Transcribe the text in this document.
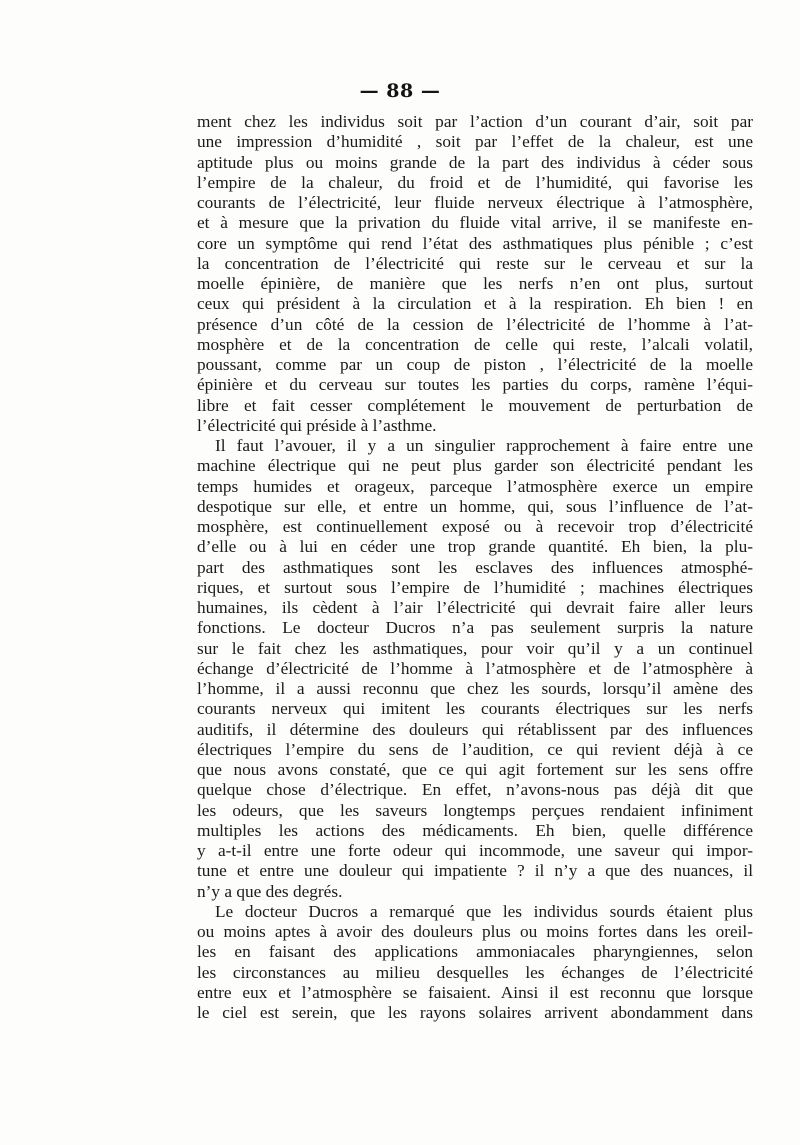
— 88 —
ment chez les individus soit par l’action d’un courant d’air, soit par
une impression d’humidité , soit par l’effet de la chaleur, est une
aptitude plus ou moins grande de la part des individus à céder sous
l’empire de la chaleur, du froid et de l’humidité, qui favorise les
courants de l’électricité, leur fluide nerveux électrique à l’atmosphère,
et à mesure que la privation du fluide vital arrive, il se manifeste en-
core un symptôme qui rend l’état des asthmatiques plus pénible ; c’est
la concentration de l’électricité qui reste sur le cerveau et sur la
moelle épinière, de manière que les nerfs n’en ont plus, surtout
ceux qui président à la circulation et à la respiration. Eh bien ! en
présence d’un côté de la cession de l’électricité de l’homme à l’at-
mosphère et de la concentration de celle qui reste, l’alcali volatil,
poussant, comme par un coup de piston , l’électricité de la moelle
épinière et du cerveau sur toutes les parties du corps, ramène l’équi-
libre et fait cesser complétement le mouvement de perturbation de
l’électricité qui préside à l’asthme.
Il faut l’avouer, il y a un singulier rapprochement à faire entre une
machine électrique qui ne peut plus garder son électricité pendant les
temps humides et orageux, parceque l’atmosphère exerce un empire
despotique sur elle, et entre un homme, qui, sous l’influence de l’at-
mosphère, est continuellement exposé ou à recevoir trop d’électricité
d’elle ou à lui en céder une trop grande quantité. Eh bien, la plu-
part des asthmatiques sont les esclaves des influences atmosphé-
riques, et surtout sous l’empire de l’humidité ; machines électriques
humaines, ils cèdent à l’air l’électricité qui devrait faire aller leurs
fonctions. Le docteur Ducros n’a pas seulement surpris la nature
sur le fait chez les asthmatiques, pour voir qu’il y a un continuel
échange d’électricité de l’homme à l’atmosphère et de l’atmosphère à
l’homme, il a aussi reconnu que chez les sourds, lorsqu’il amène des
courants nerveux qui imitent les courants électriques sur les nerfs
auditifs, il détermine des douleurs qui rétablissent par des influences
électriques l’empire du sens de l’audition, ce qui revient déjà à ce
que nous avons constaté, que ce qui agit fortement sur les sens offre
quelque chose d’électrique. En effet, n’avons-nous pas déjà dit que
les odeurs, que les saveurs longtemps perçues rendaient infiniment
multiples les actions des médicaments. Eh bien, quelle différence
y a-t-il entre une forte odeur qui incommode, une saveur qui impor-
tune et entre une douleur qui impatiente ? il n’y a que des nuances, il
n’y a que des degrés.
Le docteur Ducros a remarqué que les individus sourds étaient plus
ou moins aptes à avoir des douleurs plus ou moins fortes dans les oreil-
les en faisant des applications ammoniacales pharyngiennes, selon
les circonstances au milieu desquelles les échanges de l’électricité
entre eux et l’atmosphère se faisaient. Ainsi il est reconnu que lorsque
le ciel est serein, que les rayons solaires arrivent abondamment dans
